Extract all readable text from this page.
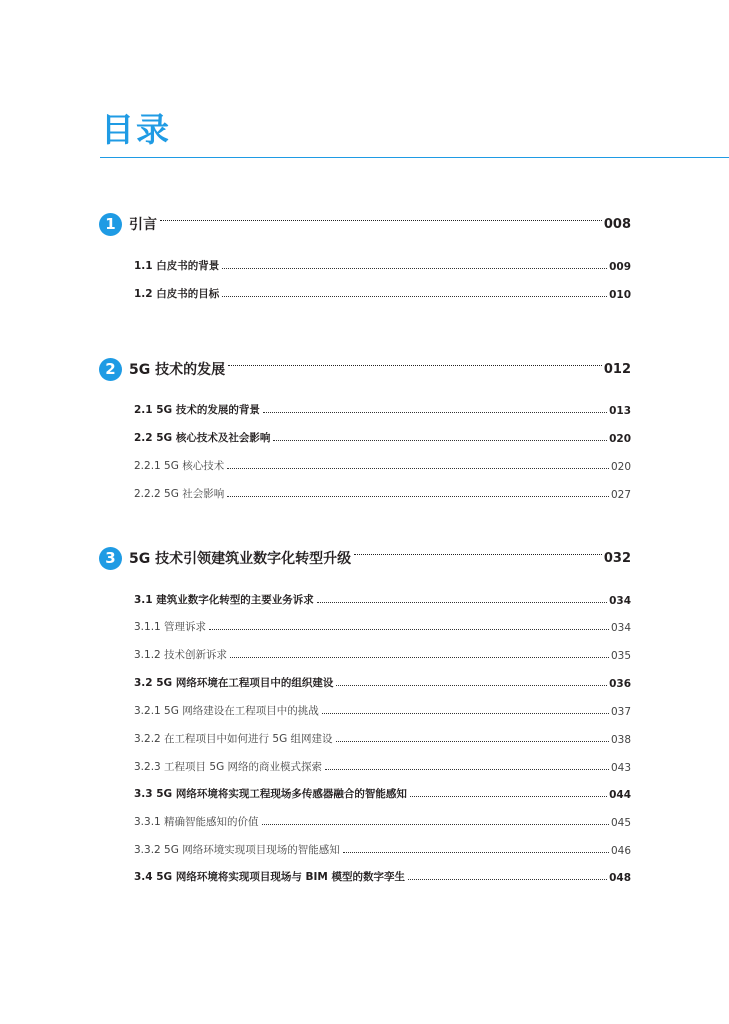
目录
1 引言	008
1.1 白皮书的背景	009
1.2 白皮书的目标	010
2 5G 技术的发展	012
2.1 5G 技术的发展的背景	013
2.2 5G 核心技术及社会影响	020
2.2.1 5G 核心技术	020
2.2.2 5G 社会影响	027
3 5G 技术引领建筑业数字化转型升级	032
3.1 建筑业数字化转型的主要业务诉求	034
3.1.1 管理诉求	034
3.1.2 技术创新诉求	035
3.2 5G 网络环境在工程项目中的组织建设	036
3.2.1 5G 网络建设在工程项目中的挑战	037
3.2.2 在工程项目中如何进行 5G 组网建设	038
3.2.3 工程项目 5G 网络的商业模式探索	043
3.3 5G 网络环境将实现工程现场多传感器融合的智能感知	044
3.3.1 精确智能感知的价值	045
3.3.2 5G 网络环境实现项目现场的智能感知	046
3.4 5G 网络环境将实现项目现场与 BIM 模型的数字孪生	048
